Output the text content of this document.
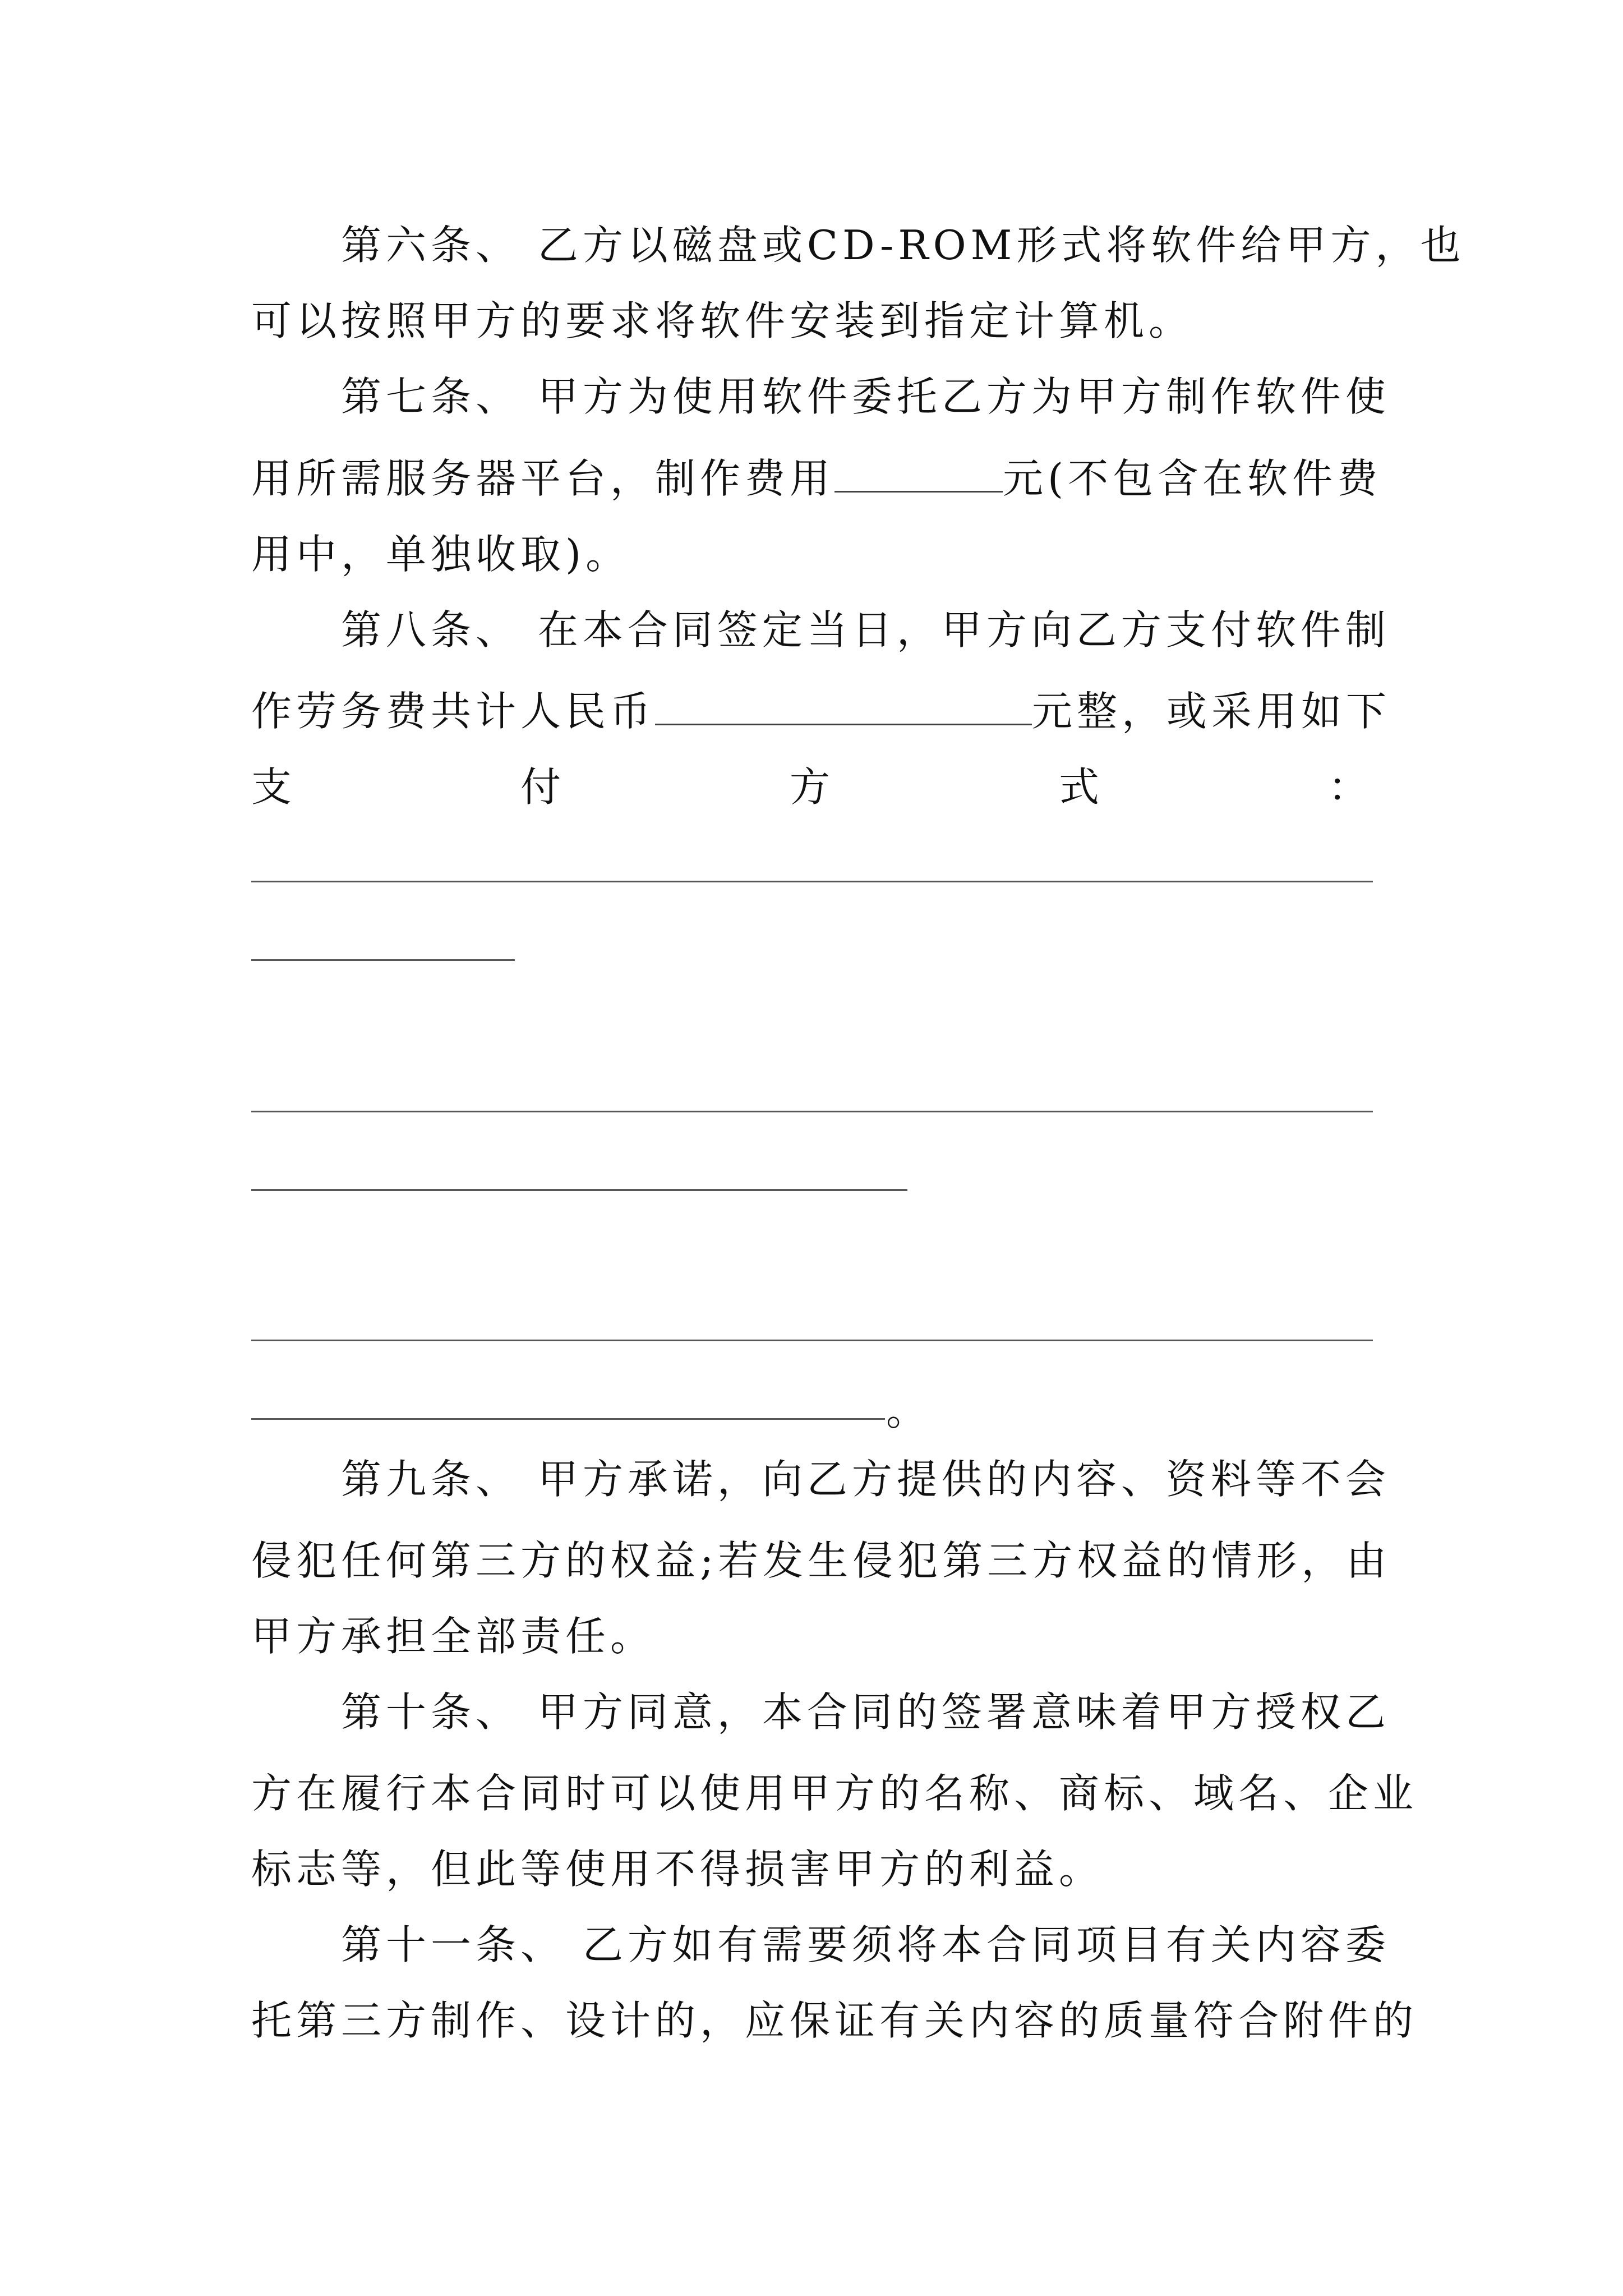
第六条、 乙方以磁盘或CD-ROM形式将软件给甲方，也
可以按照甲方的要求将软件安装到指定计算机。
第七条、 甲方为使用软件委托乙方为甲方制作软件使
用所需服务器平台，制作费用	元(不包含在软件费
用中，单独收取)。
第八条、 在本合同签定当日，甲方向乙方支付软件制
作劳务费共计人民币	元整，或采用如下
支	付	方	式	：
。
第九条、 甲方承诺，向乙方提供的内容、资料等不会
侵犯任何第三方的权益;若发生侵犯第三方权益的情形，由
甲方承担全部责任。
第十条、 甲方同意，本合同的签署意味着甲方授权乙
方在履行本合同时可以使用甲方的名称、商标、域名、企业
标志等，但此等使用不得损害甲方的利益。
第十一条、 乙方如有需要须将本合同项目有关内容委
托第三方制作、设计的，应保证有关内容的质量符合附件的
